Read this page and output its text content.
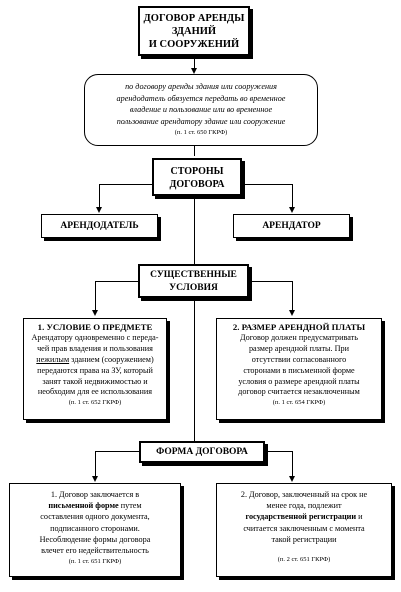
ДОГОВОР АРЕНДЫ
ЗДАНИЙ
И СООРУЖЕНИЙ
по договору аренды здания или сооружения
арендодатель обязуется передать во временное
владение и пользование или во временное
пользование арендатору здание или сооружение
(п. 1 ст. 650 ГКРФ)
СТОРОНЫ
ДОГОВОРА
АРЕНДОДАТЕЛЬ	АРЕНДАТОР
СУЩЕСТВЕННЫЕ
УСЛОВИЯ
1. УСЛОВИЕ О ПРЕДМЕТЕ
Арендатору одновременно с переда-
чей прав владения и пользования
нежилым зданием (сооружением)
передаются права на ЗУ, который
занят такой недвижимостью и
необходим для ее использования
(п. 1 ст. 652 ГКРФ)
2. РАЗМЕР АРЕНДНОЙ ПЛАТЫ
Договор должен предусматривать
размер арендной платы. При
отсутствии согласованного
сторонами в письменной форме
условия о размере арендной платы
договор считается незаключенным
(п. 1 ст. 654 ГКРФ)
ФОРМА ДОГОВОРА
1. Договор заключается в
письменной форме путем
составления одного документа,
подписанного сторонами.
Несоблюдение формы договора
влечет его недействительность
(п. 1 ст. 651 ГКРФ)
2. Договор, заключенный на срок не
менее года, подлежит
государственной регистрации и
считается заключенным с момента
такой регистрации
(п. 2 ст. 651 ГКРФ)
